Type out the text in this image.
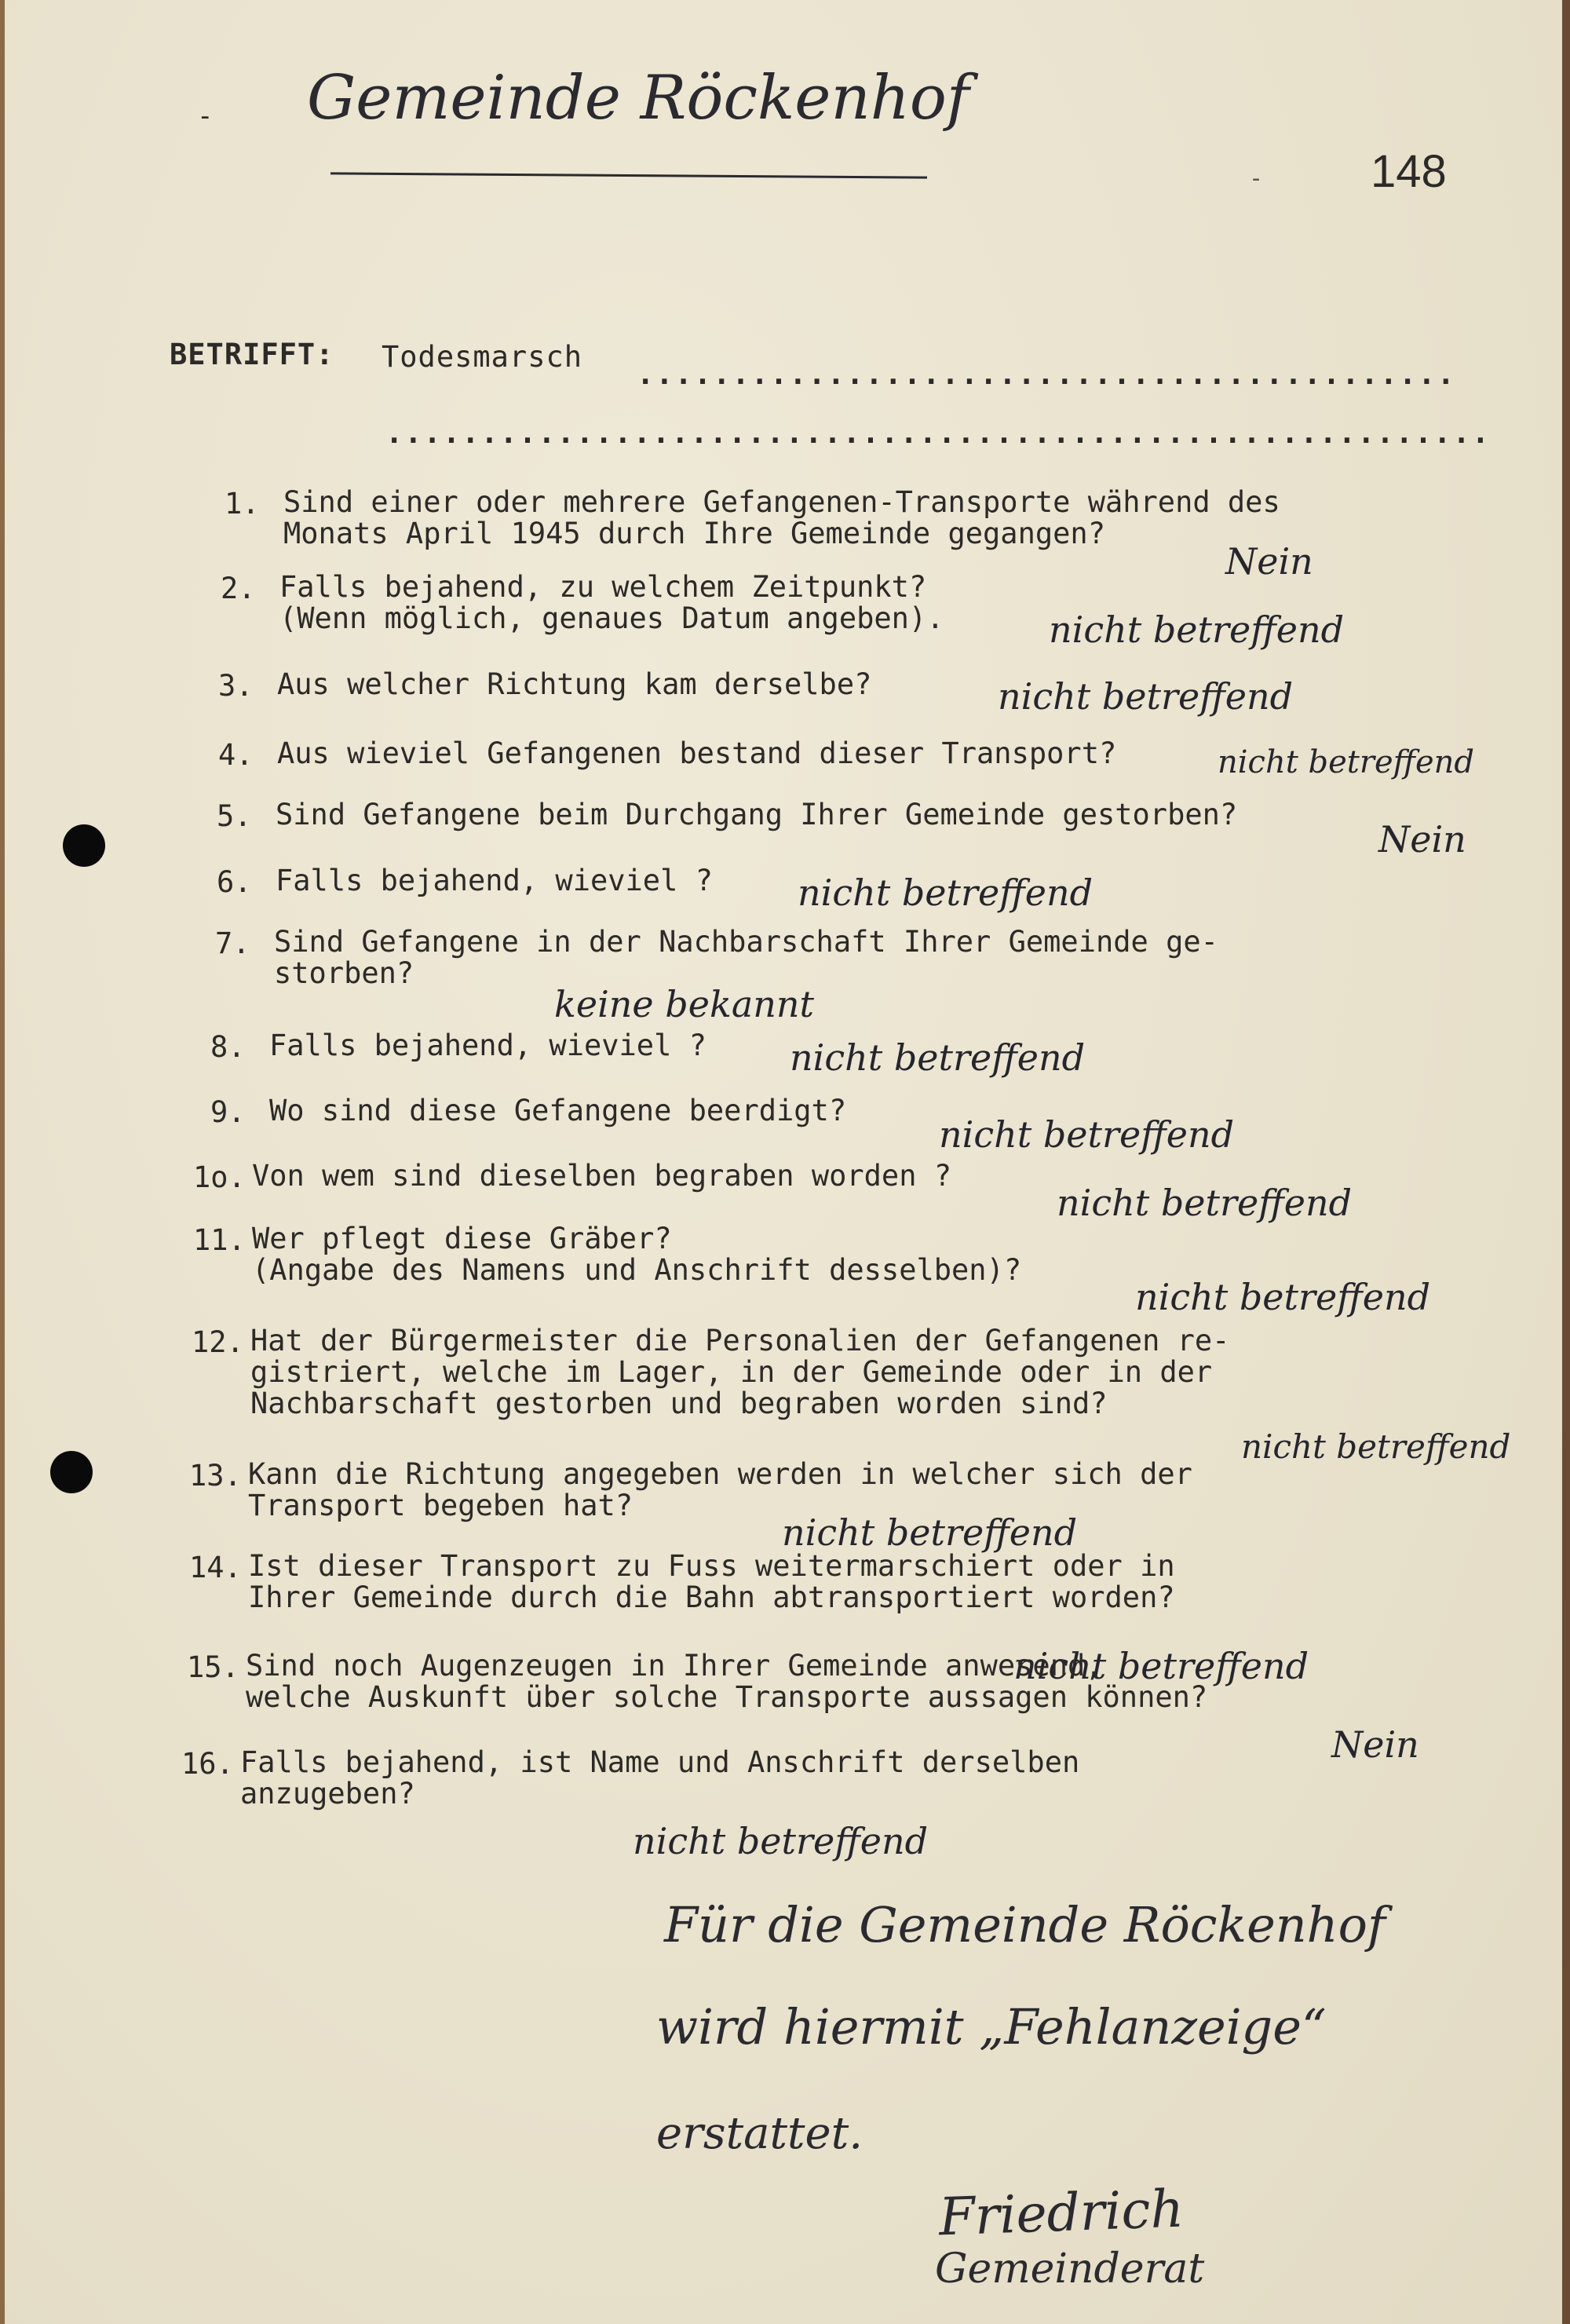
- Gemeinde Röckenhof
- 148
BETRIFFT: Todesmarsch
...........................................
..........................................................
1. Sind einer oder mehrere Gefangenen-Transporte während des
Monats April 1945 durch Ihre Gemeinde gegangen?
Nein
2. Falls bejahend, zu welchem Zeitpunkt?
(Wenn möglich, genaues Datum angeben).	nicht betreffend
3. Aus welcher Richtung kam derselbe?	nicht betreffend
4. Aus wieviel Gefangenen bestand dieser Transport?	nicht betreffend
5. Sind Gefangene beim Durchgang Ihrer Gemeinde gestorben?
Nein
6. Falls bejahend, wieviel ? nicht betreffend
7. Sind Gefangene in der Nachbarschaft Ihrer Gemeinde ge-
storben?
keine bekannt
8. Falls bejahend, wieviel ? nicht betreffend
9. Wo sind diese Gefangene beerdigt?
nicht betreffend
1o. Von wem sind dieselben begraben worden ?
nicht betreffend
11. Wer pflegt diese Gräber?
(Angabe des Namens und Anschrift desselben)?
nicht betreffend
12. Hat der Bürgermeister die Personalien der Gefangenen re-
gistriert, welche im Lager, in der Gemeinde oder in der
Nachbarschaft gestorben und begraben worden sind?
nicht betreffend
13. Kann die Richtung angegeben werden in welcher sich der
Transport begeben hat?
nicht betreffend
14. Ist dieser Transport zu Fuss weitermarschiert oder in
Ihrer Gemeinde durch die Bahn abtransportiert worden?
nicht betreffend
15. Sind noch Augenzeugen in Ihrer Gemeinde anwesend,
welche Auskunft über solche Transporte aussagen können?
Nein
16. Falls bejahend, ist Name und Anschrift derselben
anzugeben?
nicht betreffend
Für die Gemeinde Röckenhof
wird hiermit „Fehlanzeige“
erstattet.
Friedrich
Gemeinderat
